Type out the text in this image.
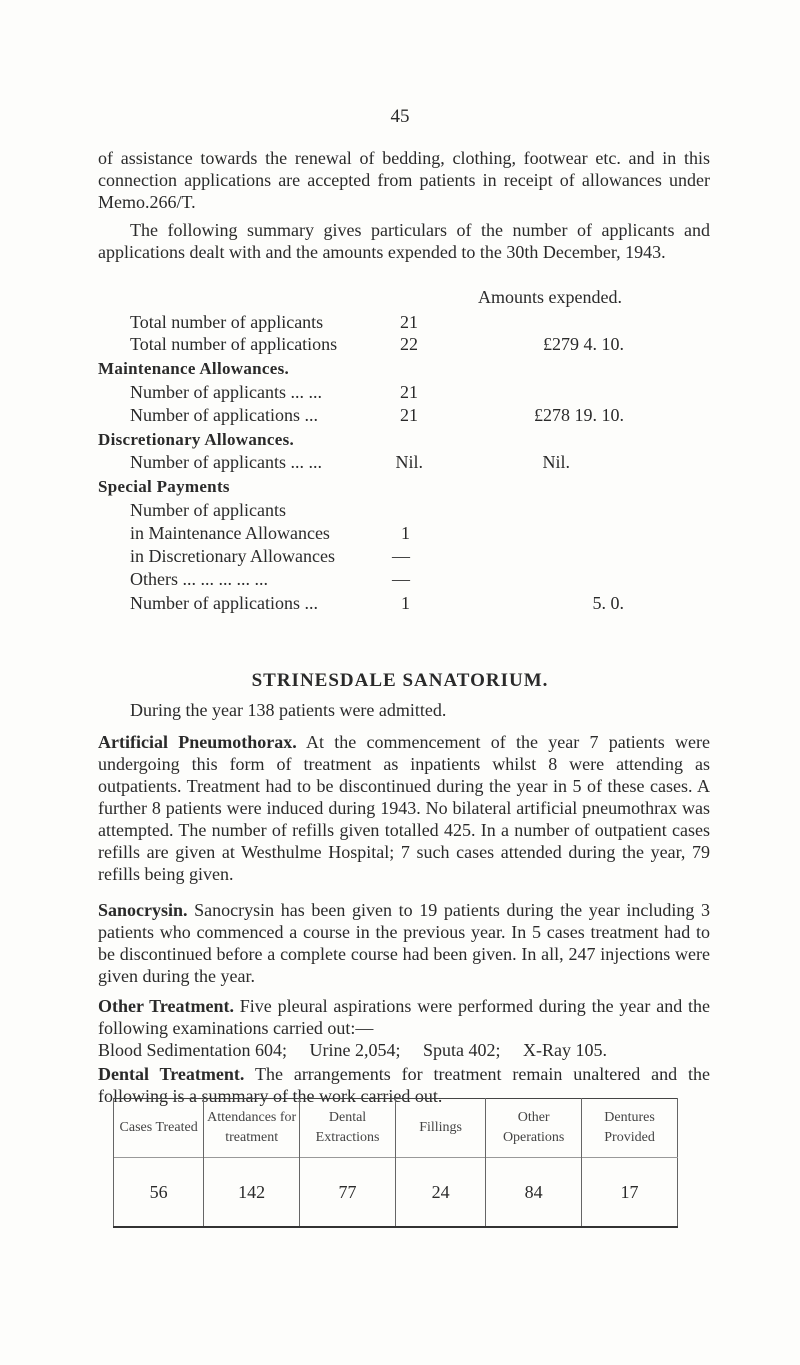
45
of assistance towards the renewal of bedding, clothing, footwear etc. and in this connection applications are accepted from patients in receipt of allowances under Memo.266/T.
The following summary gives particulars of the number of applicants and applications dealt with and the amounts expended to the 30th December, 1943.
Amounts expended.
Total number of applicants	21
Total number of applications	22	£279 4. 10.
Maintenance Allowances.
Number of applicants ... ...	21
Number of applications ...	21	£278 19. 10.
Discretionary Allowances.
Number of applicants ... ...	Nil.	Nil.
Special Payments
Number of applicants
in Maintenance Allowances	1
in Discretionary Allowances	—
Others ... ... ... ... ...	—
Number of applications ...	1	5. 0.
STRINESDALE SANATORIUM.
During the year 138 patients were admitted.
Artificial Pneumothorax. At the commencement of the year 7 patients were undergoing this form of treatment as inpatients whilst 8 were attending as outpatients. Treatment had to be discontinued during the year in 5 of these cases. A further 8 patients were induced during 1943. No bilateral artificial pneumothrax was attempted. The number of refills given totalled 425. In a number of outpatient cases refills are given at Westhulme Hospital; 7 such cases attended during the year, 79 refills being given.
Sanocrysin. Sanocrysin has been given to 19 patients during the year including 3 patients who commenced a course in the previous year. In 5 cases treatment had to be discontinued before a complete course had been given. In all, 247 injections were given during the year.
Other Treatment. Five pleural aspirations were performed during the year and the following examinations carried out:—
Blood Sedimentation 604;     Urine 2,054;     Sputa 402;     X-Ray 105.
Dental Treatment. The arrangements for treatment remain unaltered and the following is a summary of the work carried out.
Cases Treated	Attendances for treatment	Dental Extractions	Fillings	Other Operations	Dentures Provided
56	142	77	24	84	17
